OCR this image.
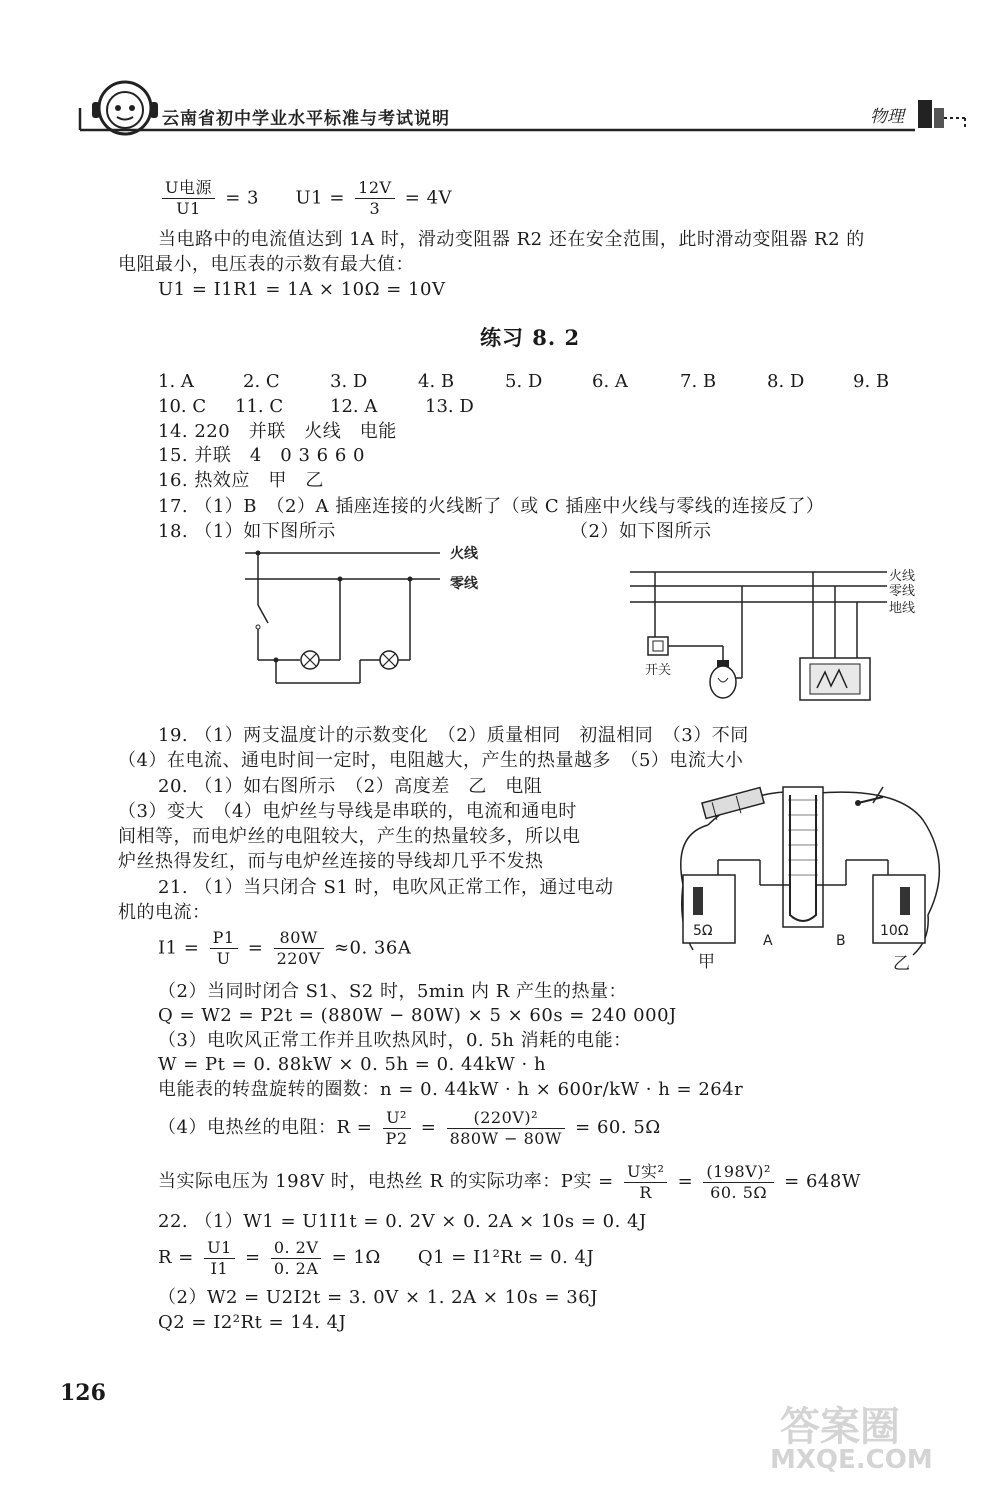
云南省初中学业水平标准与考试说明	物理
$\frac{\text{U电源}}{U1} = 3$ $U1 = \frac{12V}{3} = 4V$
当电路中的电流值达到 1A 时，滑动变阻器 R2 还在安全范围，此时滑动变阻器 R2 的
电阻最小，电压表的示数有最大值：
U1 = I1R1 = 1A × 10Ω = 10V
练习 8. 2
1. A	2. C	3. D	4. B	5. D	6. A	7. B	8. D	9. B
10. C 11. C	12. A	13. D
14. 220　并联　火线　电能
15. 并联　4　0 3 6 6 0
16. 热效应　甲　乙
17. （1）B　（2）A 插座连接的火线断了（或 C 插座中火线与零线的连接反了）
18. （1）如下图所示	（2）如下图所示
火线
零线	火线
零线
地线
开关
19. （1）两支温度计的示数变化　（2）质量相同　初温相同　（3）不同
（4）在电流、通电时间一定时，电阻越大，产生的热量越多　（5）电流大小
20. （1）如右图所示　（2）高度差　乙　电阻
（3）变大　（4）电炉丝与导线是串联的，电流和通电时
间相等，而电炉丝的电阻较大，产生的热量较多，所以电
炉丝热得发红，而与电炉丝连接的导线却几乎不发热
21. （1）当只闭合 S1 时，电吹风正常工作，通过电动
机的电流：
5Ω	10Ω
A	B
甲	乙
$I1 = \frac{P1}{U} = \frac{80W}{220V} \approx 0$. 36A
（2）当同时闭合 S1、S2 时，5min 内 R 产生的热量：
Q = W2 = P2t = (880W − 80W) × 5 × 60s = 240 000J
（3）电吹风正常工作并且吹热风时，0. 5h 消耗的电能：
W = Pt = 0. 88kW × 0. 5h = 0. 44kW · h
电能表的转盘旋转的圈数：n = 0. 44kW · h × 600r/kW · h = 264r
（4）电热丝的电阻：$R = \frac{\text{U²}}{P2} = \frac{\text{(220V)²}}{880W - 80W} = 60$. 5Ω
当实际电压为 198V 时，电热丝 R 的实际功率：P实 = $\frac{\text{U实²}}{R} = \frac{\text{(198V)²}}{60. 5\Omega} = 648W$
22. （1）W1 = U1I1t = 0. 2V × 0. 2A × 10s = 0. 4J
$R = \frac{U1}{I1} = \frac{0. 2V}{0. 2A} = 1\Omega$　　Q1 = I1²Rt = 0. 4J
（2）W2 = U2I2t = 3. 0V × 1. 2A × 10s = 36J
Q2 = I2²Rt = 14. 4J
126
答案圈
MXQE.COM
